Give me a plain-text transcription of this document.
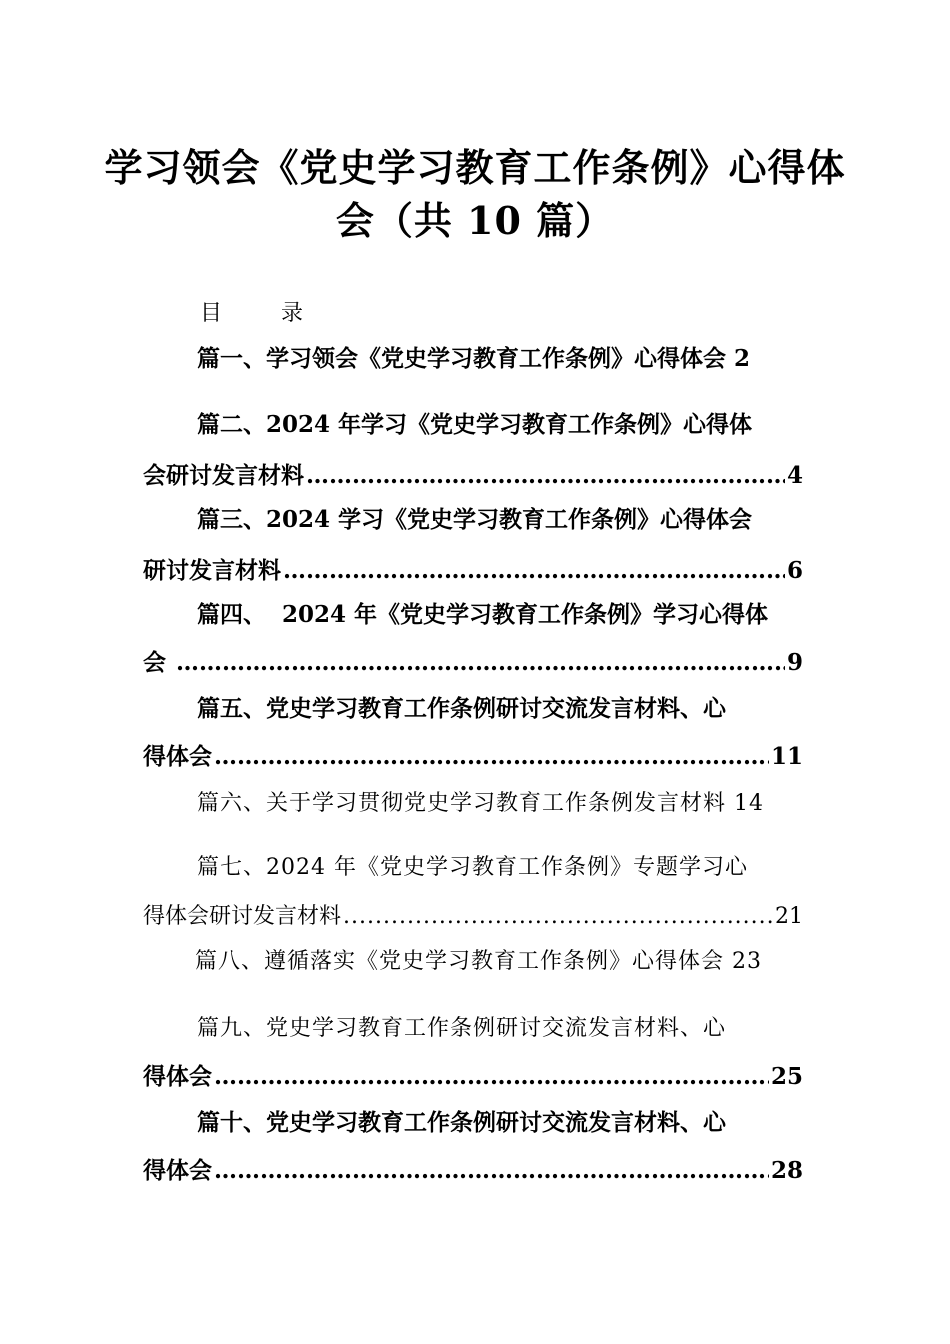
学习领会《党史学习教育工作条例》心得体
会（共 10 篇）
目 录
篇一、学习领会《党史学习教育工作条例》心得体会 2
篇二、2024 年学习《党史学习教育工作条例》心得体
会研讨发言材料 ……………………………………………………………………………………………………………………………………	4
篇三、2024 学习《党史学习教育工作条例》心得体会
研讨发言材料 ……………………………………………………………………………………………………………………………………	6
篇四、  2024 年《党史学习教育工作条例》学习心得体
会 ……………………………………………………………………………………………………………………………………	9
篇五、党史学习教育工作条例研讨交流发言材料、心
得体会 ……………………………………………………………………………………………………………………………………	11
篇六、关于学习贯彻党史学习教育工作条例发言材料 14
篇七、2024 年《党史学习教育工作条例》专题学习心
得体会研讨发言材料 .....	21
篇八、遵循落实《党史学习教育工作条例》心得体会 23
篇九、党史学习教育工作条例研讨交流发言材料、心
得体会 ……………………………………………………………………………………………………………………………………	25
篇十、党史学习教育工作条例研讨交流发言材料、心
得体会 ……………………………………………………………………………………………………………………………………	28
